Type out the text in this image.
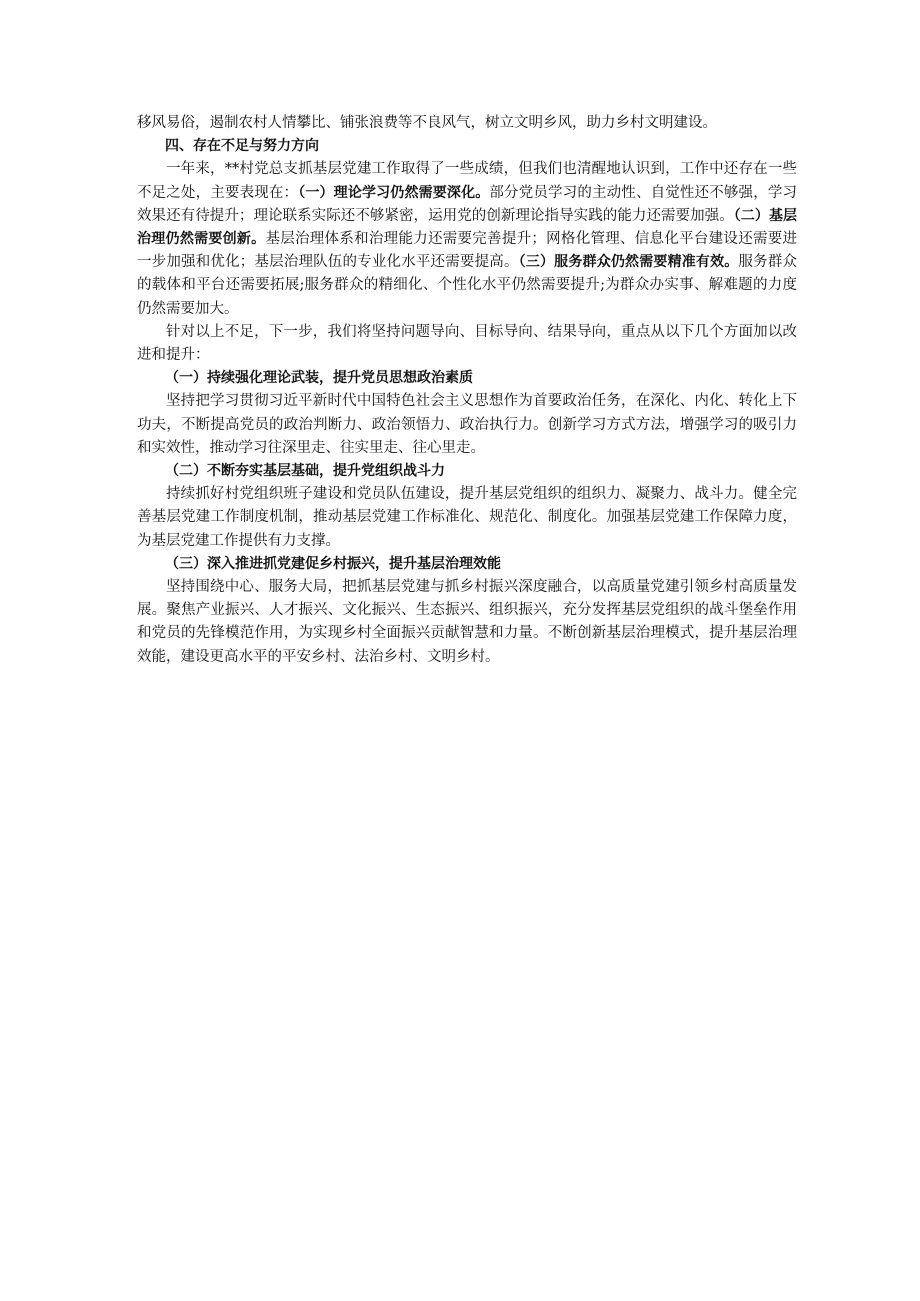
移风易俗，遏制农村人情攀比、铺张浪费等不良风气，树立文明乡风，助力乡村文明建设。

四、存在不足与努力方向

一年来，**村党总支抓基层党建工作取得了一些成绩，但我们也清醒地认识到，工作中还存在一些不足之处，主要表现在：（一）理论学习仍然需要深化。部分党员学习的主动性、自觉性还不够强，学习效果还有待提升；理论联系实际还不够紧密，运用党的创新理论指导实践的能力还需要加强。（二）基层治理仍然需要创新。基层治理体系和治理能力还需要完善提升；网格化管理、信息化平台建设还需要进一步加强和优化；基层治理队伍的专业化水平还需要提高。（三）服务群众仍然需要精准有效。服务群众的载体和平台还需要拓展;服务群众的精细化、个性化水平仍然需要提升;为群众办实事、解难题的力度仍然需要加大。

针对以上不足，下一步，我们将坚持问题导向、目标导向、结果导向，重点从以下几个方面加以改进和提升：

（一）持续强化理论武装，提升党员思想政治素质

坚持把学习贯彻习近平新时代中国特色社会主义思想作为首要政治任务，在深化、内化、转化上下功夫，不断提高党员的政治判断力、政治领悟力、政治执行力。创新学习方式方法，增强学习的吸引力和实效性，推动学习往深里走、往实里走、往心里走。

（二）不断夯实基层基础，提升党组织战斗力

持续抓好村党组织班子建设和党员队伍建设，提升基层党组织的组织力、凝聚力、战斗力。健全完善基层党建工作制度机制，推动基层党建工作标准化、规范化、制度化。加强基层党建工作保障力度，为基层党建工作提供有力支撑。

（三）深入推进抓党建促乡村振兴，提升基层治理效能

坚持围绕中心、服务大局，把抓基层党建与抓乡村振兴深度融合，以高质量党建引领乡村高质量发展。聚焦产业振兴、人才振兴、文化振兴、生态振兴、组织振兴，充分发挥基层党组织的战斗堡垒作用和党员的先锋模范作用，为实现乡村全面振兴贡献智慧和力量。不断创新基层治理模式，提升基层治理效能，建设更高水平的平安乡村、法治乡村、文明乡村。
